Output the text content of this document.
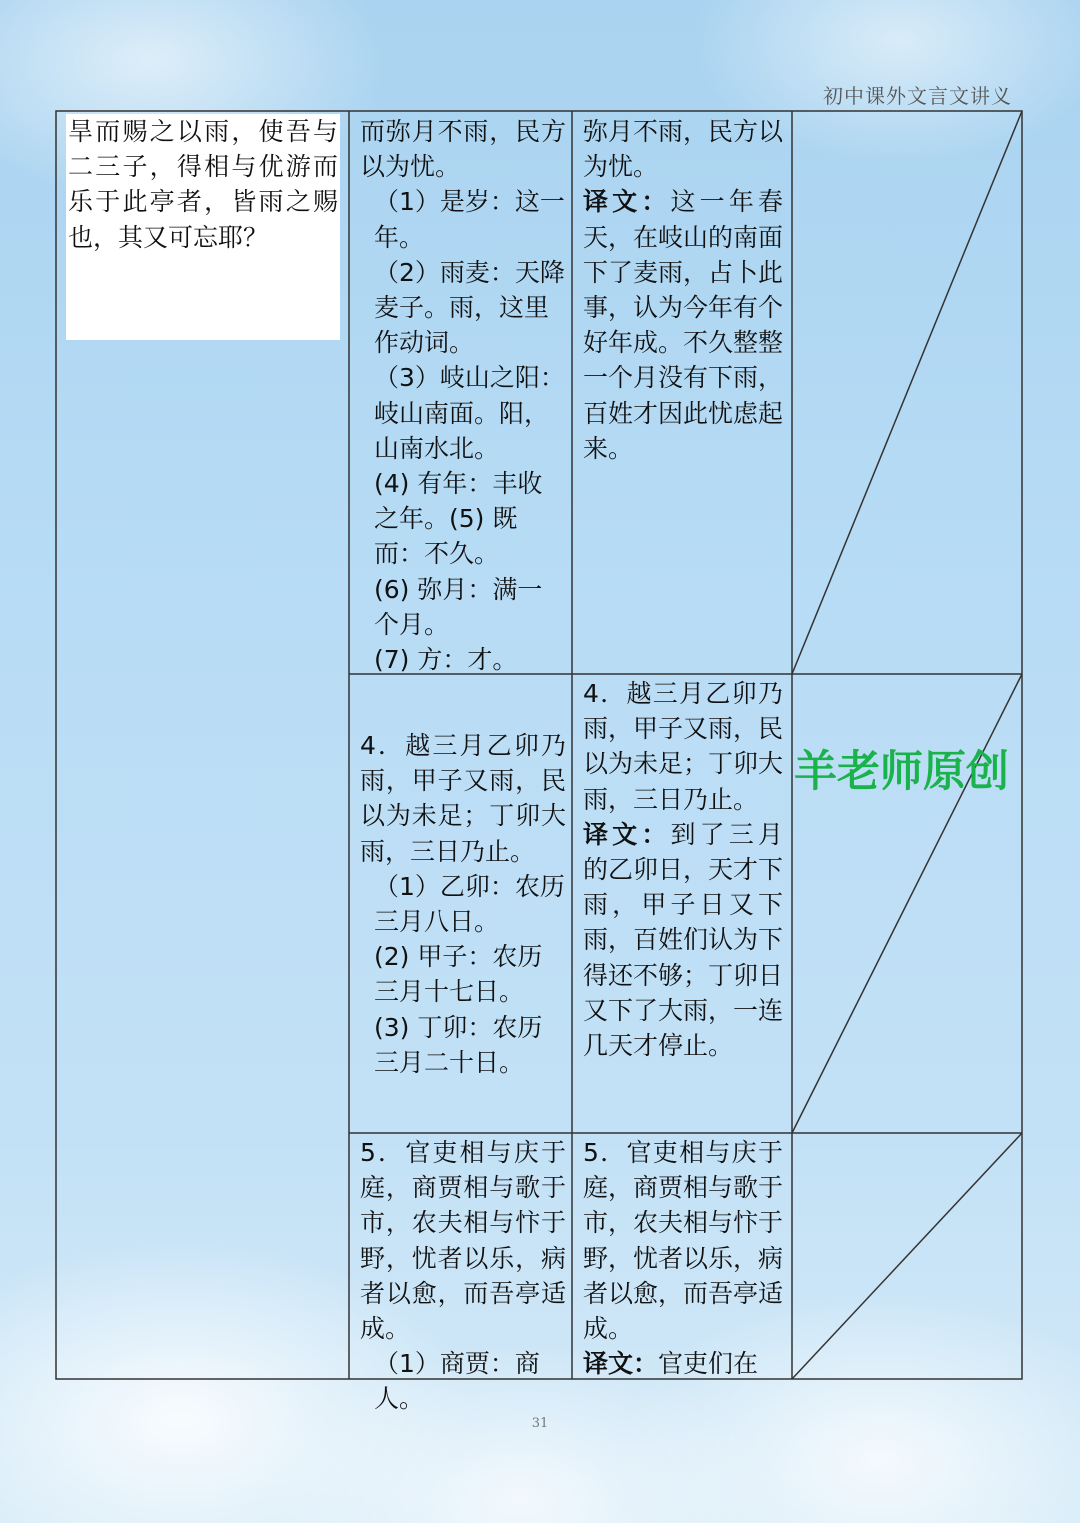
初中课外文言文讲义

旱而赐之以雨，使吾与二三子，得相与优游而乐于此亭者，皆雨之赐也，其又可忘耶？

而弥月不雨，民方以为忧。

（1）是岁：这一年。

（2）雨麦：天降麦子。雨，这里作动词。

（3）岐山之阳：岐山南面。阳，山南水北。

(4) 有年：丰收之年。(5) 既而：不久。

(6) 弥月：满一个月。

(7) 方：才。

弥月不雨，民方以为忧。

译文：这一年春天，在岐山的南面下了麦雨，占卜此事，认为今年有个好年成。不久整整一个月没有下雨，百姓才因此忧虑起来。

4．越三月乙卯乃雨，甲子又雨，民以为未足；丁卯大雨，三日乃止。

（1）乙卯：农历三月八日。

(2) 甲子：农历三月十七日。

(3) 丁卯：农历三月二十日。

4．越三月乙卯乃雨，甲子又雨，民以为未足；丁卯大雨，三日乃止。

译文：到了三月的乙卯日，天才下雨，甲子日又下雨，百姓们认为下得还不够；丁卯日又下了大雨，一连几天才停止。

羊老师原创

5．官吏相与庆于庭，商贾相与歌于市，农夫相与忭于野，忧者以乐，病者以愈，而吾亭适成。

（1）商贾：商人。

5．官吏相与庆于庭，商贾相与歌于市，农夫相与忭于野，忧者以乐，病者以愈，而吾亭适成。

译文：官吏们在

31
